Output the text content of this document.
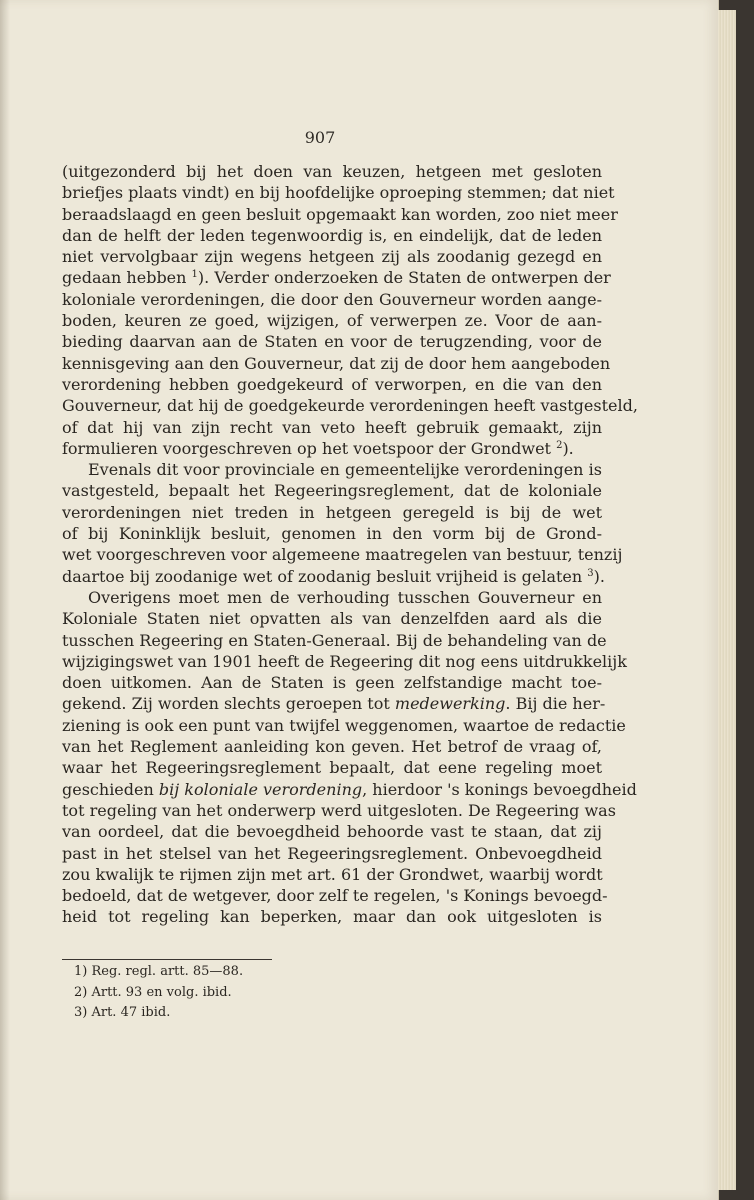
907
(uitgezonderd bij het doen van keuzen, hetgeen met gesloten
briefjes plaats vindt) en bij hoofdelijke oproeping stemmen; dat niet
beraadslaagd en geen besluit opgemaakt kan worden, zoo niet meer
dan de helft der leden tegenwoordig is, en eindelijk, dat de leden
niet vervolgbaar zijn wegens hetgeen zij als zoodanig gezegd en
gedaan hebben $^1$). Verder onderzoeken de Staten de ontwerpen der
koloniale verordeningen, die door den Gouverneur worden aange-
boden, keuren ze goed, wijzigen, of verwerpen ze. Voor de aan-
bieding daarvan aan de Staten en voor de terugzending, voor de
kennisgeving aan den Gouverneur, dat zij de door hem aangeboden
verordening hebben goedgekeurd of verworpen, en die van den
Gouverneur, dat hij de goedgekeurde verordeningen heeft vastgesteld,
of dat hij van zijn recht van veto heeft gebruik gemaakt, zijn
formulieren voorgeschreven op het voetspoor der Grondwet $^2$).
Evenals dit voor provinciale en gemeentelijke verordeningen is
vastgesteld, bepaalt het Regeeringsreglement, dat de koloniale
verordeningen niet treden in hetgeen geregeld is bij de wet
of bij Koninklijk besluit, genomen in den vorm bij de Grond-
wet voorgeschreven voor algemeene maatregelen van bestuur, tenzij
daartoe bij zoodanige wet of zoodanig besluit vrijheid is gelaten $^3$).
Overigens moet men de verhouding tusschen Gouverneur en
Koloniale Staten niet opvatten als van denzelfden aard als die
tusschen Regeering en Staten-Generaal. Bij de behandeling van de
wijzigingswet van 1901 heeft de Regeering dit nog eens uitdrukkelijk
doen uitkomen. Aan de Staten is geen zelfstandige macht toe-
gekend. Zij worden slechts geroepen tot medewerking. Bij die her-
ziening is ook een punt van twijfel weggenomen, waartoe de redactie
van het Reglement aanleiding kon geven. Het betrof de vraag of,
waar het Regeeringsreglement bepaalt, dat eene regeling moet
geschieden bij koloniale verordening, hierdoor 's konings bevoegdheid
tot regeling van het onderwerp werd uitgesloten. De Regeering was
van oordeel, dat die bevoegdheid behoorde vast te staan, dat zij
past in het stelsel van het Regeeringsreglement. Onbevoegdheid
zou kwalijk te rijmen zijn met art. 61 der Grondwet, waarbij wordt
bedoeld, dat de wetgever, door zelf te regelen, 's Konings bevoegd-
heid tot regeling kan beperken, maar dan ook uitgesloten is
1) Reg. regl. artt. 85—88.
2) Artt. 93 en volg. ibid.
3) Art. 47 ibid.
